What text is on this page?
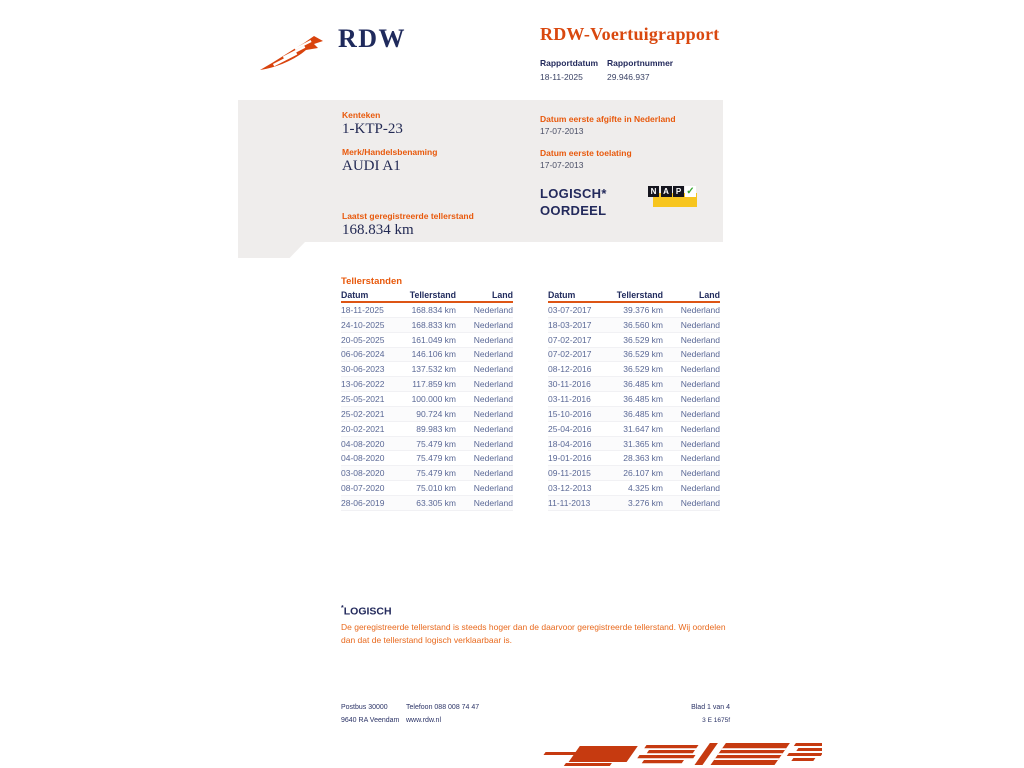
RDW	RDW-Voertuigrapport
Rapportdatum
18-11-2025
Rapportnummer
29.946.937
Kenteken
1-KTP-23
Merk/Handelsbenaming
AUDI A1
Laatst geregistreerde tellerstand
168.834 km
Datum eerste afgifte in Nederland
17-07-2013
Datum eerste toelating
17-07-2013
LOGISCH*
OORDEEL
N A P ✓
Tellerstanden
Datum	Tellerstand	Land
18-11-2025	168.834 km	Nederland
24-10-2025	168.833 km	Nederland
20-05-2025	161.049 km	Nederland
06-06-2024	146.106 km	Nederland
30-06-2023	137.532 km	Nederland
13-06-2022	117.859 km	Nederland
25-05-2021	100.000 km	Nederland
25-02-2021	90.724 km	Nederland
20-02-2021	89.983 km	Nederland
04-08-2020	75.479 km	Nederland
04-08-2020	75.479 km	Nederland
03-08-2020	75.479 km	Nederland
08-07-2020	75.010 km	Nederland
28-06-2019	63.305 km	Nederland
Datum	Tellerstand	Land
03-07-2017	39.376 km	Nederland
18-03-2017	36.560 km	Nederland
07-02-2017	36.529 km	Nederland
07-02-2017	36.529 km	Nederland
08-12-2016	36.529 km	Nederland
30-11-2016	36.485 km	Nederland
03-11-2016	36.485 km	Nederland
15-10-2016	36.485 km	Nederland
25-04-2016	31.647 km	Nederland
18-04-2016	31.365 km	Nederland
19-01-2016	28.363 km	Nederland
09-11-2015	26.107 km	Nederland
03-12-2013	4.325 km	Nederland
11-11-2013	3.276 km	Nederland
*LOGISCH
De geregistreerde tellerstand is steeds hoger dan de daarvoor geregistreerde tellerstand. Wij oordelen dan dat de tellerstand logisch verklaarbaar is.
Postbus 30000
9640 RA Veendam
Telefoon 088 008 74 47
www.rdw.nl
Blad 1 van 4
3 E 1675f
